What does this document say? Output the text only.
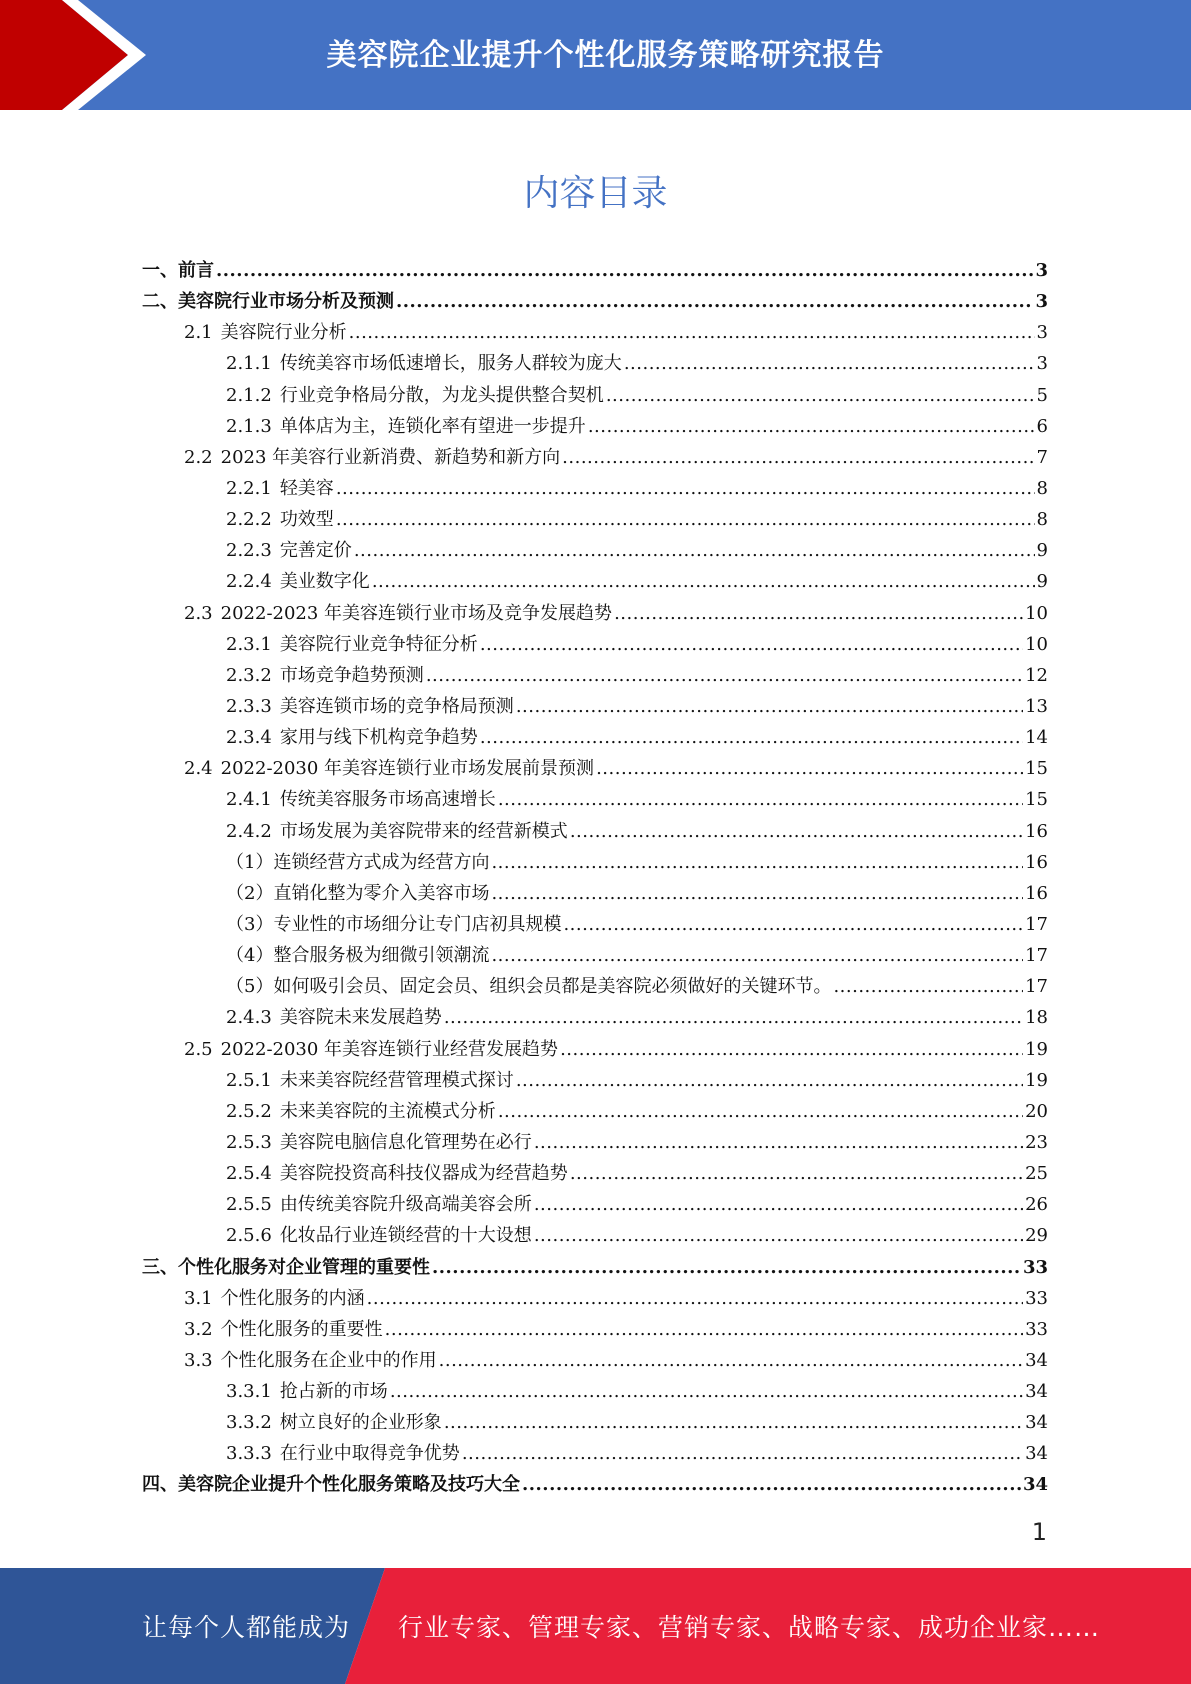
美容院企业提升个性化服务策略研究报告
内容目录
一、 前言 .....	3
二、 美容院行业市场分析及预测 .....	3
2.1 美容院行业分析 .....	3
2.1.1 传统美容市场低速增长，服务人群较为庞大 .....	3
2.1.2 行业竞争格局分散，为龙头提供整合契机 .....	5
2.1.3 单体店为主，连锁化率有望进一步提升 .....	6
2.2 2023 年美容行业新消费、新趋势和新方向 .....	7
2.2.1 轻美容 .....	8
2.2.2 功效型 .....	8
2.2.3 完善定价 .....	9
2.2.4 美业数字化 .....	9
2.3 2022-2023 年美容连锁行业市场及竞争发展趋势 .....	10
2.3.1 美容院行业竞争特征分析 .....	10
2.3.2 市场竞争趋势预测 .....	12
2.3.3 美容连锁市场的竞争格局预测 .....	13
2.3.4 家用与线下机构竞争趋势 .....	14
2.4 2022-2030 年美容连锁行业市场发展前景预测 .....	15
2.4.1 传统美容服务市场高速增长 .....	15
2.4.2 市场发展为美容院带来的经营新模式 .....	16
（1） 连锁经营方式成为经营方向 .....	16
（2） 直销化整为零介入美容市场 .....	16
（3） 专业性的市场细分让专门店初具规模 .....	17
（4） 整合服务极为细微引领潮流 .....	17
（5） 如何吸引会员、固定会员、组织会员都是美容院必须做好的关键环节。 .....	17
2.4.3 美容院未来发展趋势 .....	18
2.5 2022-2030 年美容连锁行业经营发展趋势 .....	19
2.5.1 未来美容院经营管理模式探讨 .....	19
2.5.2 未来美容院的主流模式分析 .....	20
2.5.3 美容院电脑信息化管理势在必行 .....	23
2.5.4 美容院投资高科技仪器成为经营趋势 .....	25
2.5.5 由传统美容院升级高端美容会所 .....	26
2.5.6 化妆品行业连锁经营的十大设想 .....	29
三、 个性化服务对企业管理的重要性 .....	33
3.1 个性化服务的内涵 .....	33
3.2 个性化服务的重要性 .....	33
3.3 个性化服务在企业中的作用 .....	34
3.3.1 抢占新的市场 .....	34
3.3.2 树立良好的企业形象 .....	34
3.3.3 在行业中取得竞争优势 .....	34
四、 美容院企业提升个性化服务策略及技巧大全 .....	34
1
让每个人都能成为 行业专家、管理专家、营销专家、战略专家、成功企业家……
